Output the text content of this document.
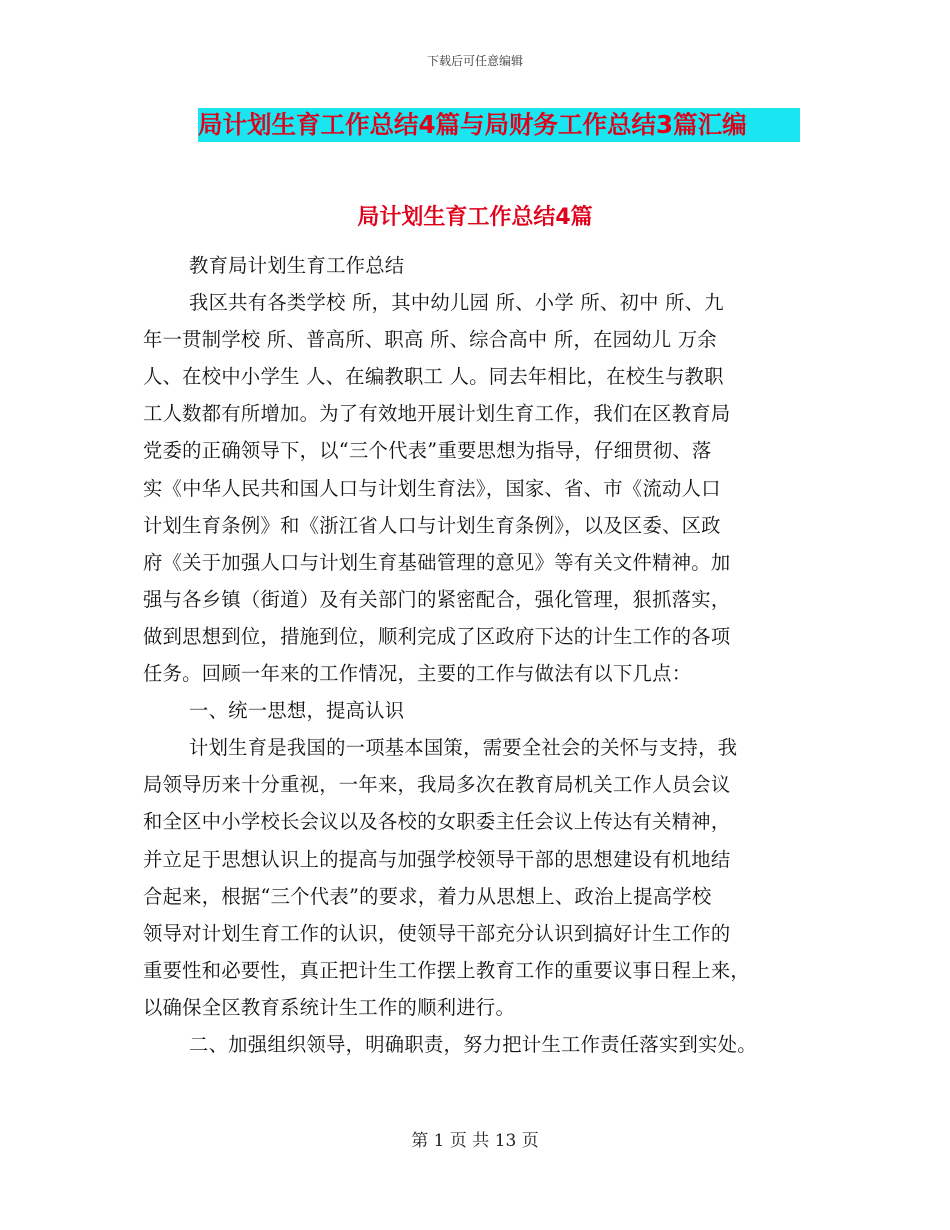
下载后可任意编辑
局计划生育工作总结4篇与局财务工作总结3篇汇编
局计划生育工作总结4篇
教育局计划生育工作总结
我区共有各类学校 所，其中幼儿园 所、小学 所、初中 所、九
年一贯制学校 所、普高所、职高 所、综合高中 所，在园幼儿 万余
人、在校中小学生 人、在编教职工 人。同去年相比，在校生与教职
工人数都有所增加。为了有效地开展计划生育工作，我们在区教育局
党委的正确领导下，以“三个代表”重要思想为指导，仔细贯彻、落
实《中华人民共和国人口与计划生育法》，国家、省、市《流动人口
计划生育条例》和《浙江省人口与计划生育条例》，以及区委、区政
府《关于加强人口与计划生育基础管理的意见》等有关文件精神。加
强与各乡镇（街道）及有关部门的紧密配合，强化管理，狠抓落实，
做到思想到位，措施到位，顺利完成了区政府下达的计生工作的各项
任务。回顾一年来的工作情况，主要的工作与做法有以下几点：
一、统一思想，提高认识
计划生育是我国的一项基本国策，需要全社会的关怀与支持，我
局领导历来十分重视，一年来，我局多次在教育局机关工作人员会议
和全区中小学校长会议以及各校的女职委主任会议上传达有关精神，
并立足于思想认识上的提高与加强学校领导干部的思想建设有机地结
合起来，根据“三个代表”的要求，着力从思想上、政治上提高学校
领导对计划生育工作的认识，使领导干部充分认识到搞好计生工作的
重要性和必要性，真正把计生工作摆上教育工作的重要议事日程上来，
以确保全区教育系统计生工作的顺利进行。
二、加强组织领导，明确职责，努力把计生工作责任落实到实处。
第 1 页 共 13 页
